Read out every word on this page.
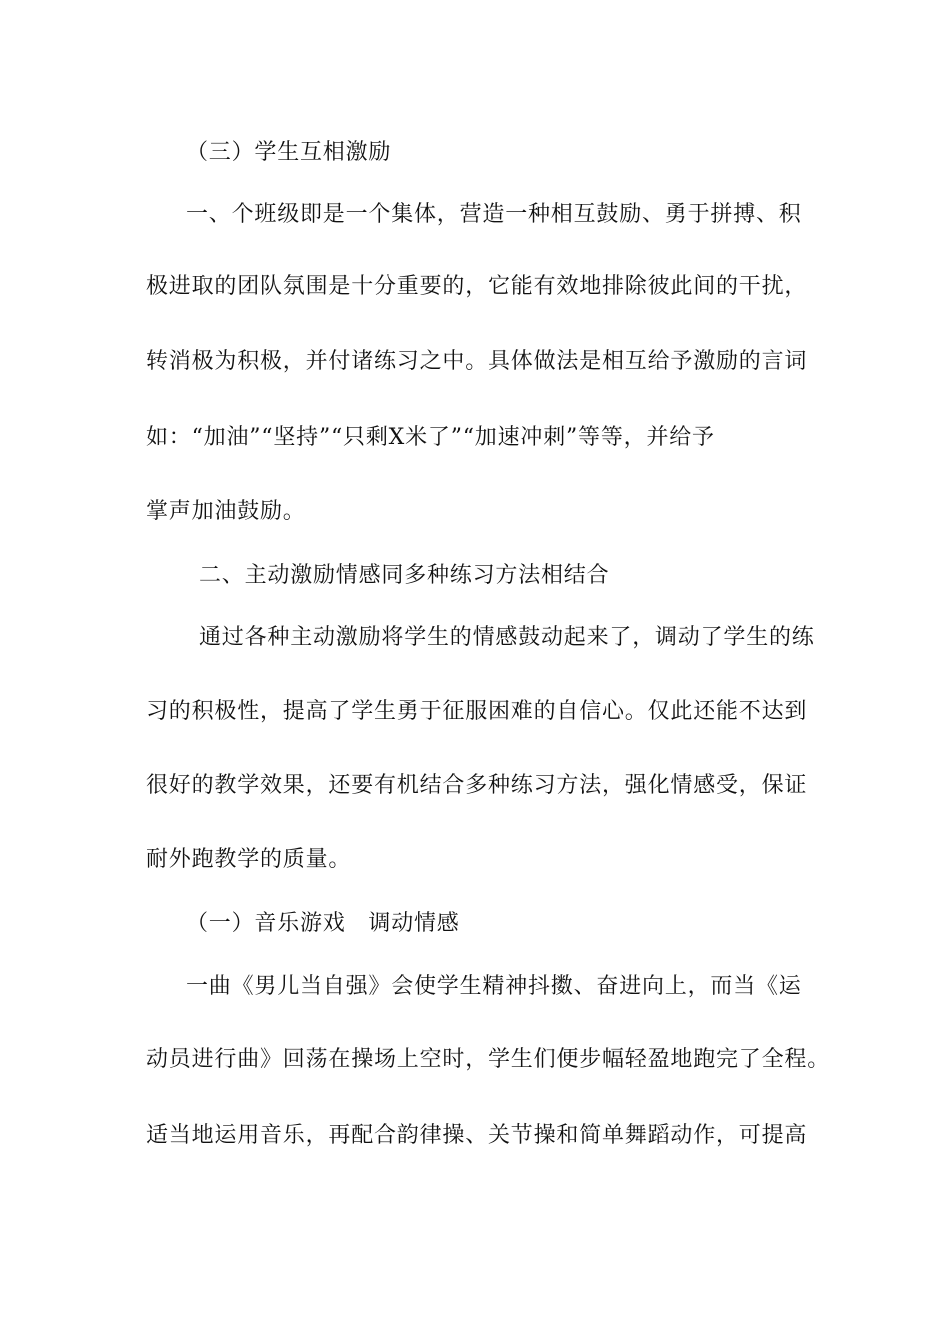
（三）学生互相激励
一、个班级即是一个集体，营造一种相互鼓励、勇于拼搏、积
极进取的团队氛围是十分重要的，它能有效地排除彼此间的干扰，
转消极为积极，并付诸练习之中。具体做法是相互给予激励的言词
如：“加油”“坚持”“只剩X米了”“加速冲刺”等等，并给予
掌声加油鼓励。
二、主动激励情感同多种练习方法相结合
通过各种主动激励将学生的情感鼓动起来了，调动了学生的练
习的积极性，提高了学生勇于征服困难的自信心。仅此还能不达到
很好的教学效果，还要有机结合多种练习方法，强化情感受，保证
耐外跑教学的质量。
（一）音乐游戏　调动情感
一曲《男儿当自强》会使学生精神抖擞、奋进向上，而当《运
动员进行曲》回荡在操场上空时，学生们便步幅轻盈地跑完了全程。
适当地运用音乐，再配合韵律操、关节操和简单舞蹈动作，可提高
